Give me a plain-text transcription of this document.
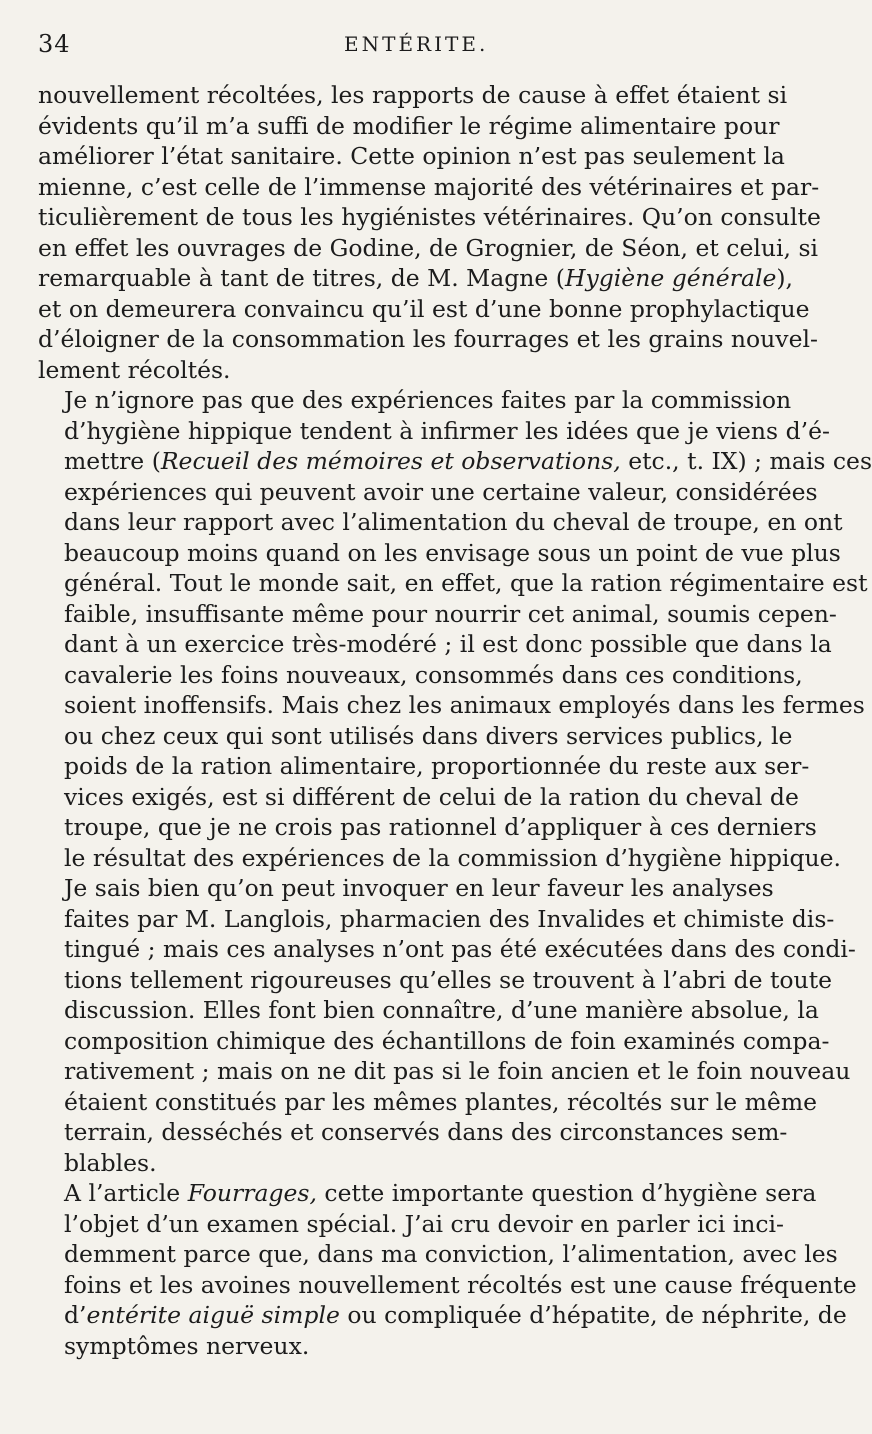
34	ENTÉRITE.

nouvellement récoltées, les rapports de cause à effet étaient si
évidents qu’il m’a suffi de modifier le régime alimentaire pour
améliorer l’état sanitaire. Cette opinion n’est pas seulement la
mienne, c’est celle de l’immense majorité des vétérinaires et par-
ticulièrement de tous les hygiénistes vétérinaires. Qu’on consulte
en effet les ouvrages de Godine, de Grognier, de Séon, et celui, si
remarquable à tant de titres, de M. Magne (Hygiène générale),
et on demeurera convaincu qu’il est d’une bonne prophylactique
d’éloigner de la consommation les fourrages et les grains nouvel-
lement récoltés.

Je n’ignore pas que des expériences faites par la commission
d’hygiène hippique tendent à infirmer les idées que je viens d’é-
mettre (Recueil des mémoires et observations, etc., t. IX) ; mais ces
expériences qui peuvent avoir une certaine valeur, considérées
dans leur rapport avec l’alimentation du cheval de troupe, en ont
beaucoup moins quand on les envisage sous un point de vue plus
général. Tout le monde sait, en effet, que la ration régimentaire est
faible, insuffisante même pour nourrir cet animal, soumis cepen-
dant à un exercice très-modéré ; il est donc possible que dans la
cavalerie les foins nouveaux, consommés dans ces conditions,
soient inoffensifs. Mais chez les animaux employés dans les fermes
ou chez ceux qui sont utilisés dans divers services publics, le
poids de la ration alimentaire, proportionnée du reste aux ser-
vices exigés, est si différent de celui de la ration du cheval de
troupe, que je ne crois pas rationnel d’appliquer à ces derniers
le résultat des expériences de la commission d’hygiène hippique.

Je sais bien qu’on peut invoquer en leur faveur les analyses
faites par M. Langlois, pharmacien des Invalides et chimiste dis-
tingué ; mais ces analyses n’ont pas été exécutées dans des condi-
tions tellement rigoureuses qu’elles se trouvent à l’abri de toute
discussion. Elles font bien connaître, d’une manière absolue, la
composition chimique des échantillons de foin examinés compa-
rativement ; mais on ne dit pas si le foin ancien et le foin nouveau
étaient constitués par les mêmes plantes, récoltés sur le même
terrain, desséchés et conservés dans des circonstances sem-
blables.

A l’article Fourrages, cette importante question d’hygiène sera
l’objet d’un examen spécial. J’ai cru devoir en parler ici inci-
demment parce que, dans ma conviction, l’alimentation, avec les
foins et les avoines nouvellement récoltés est une cause fréquente
d’entérite aiguë simple ou compliquée d’hépatite, de néphrite, de
symptômes nerveux.
